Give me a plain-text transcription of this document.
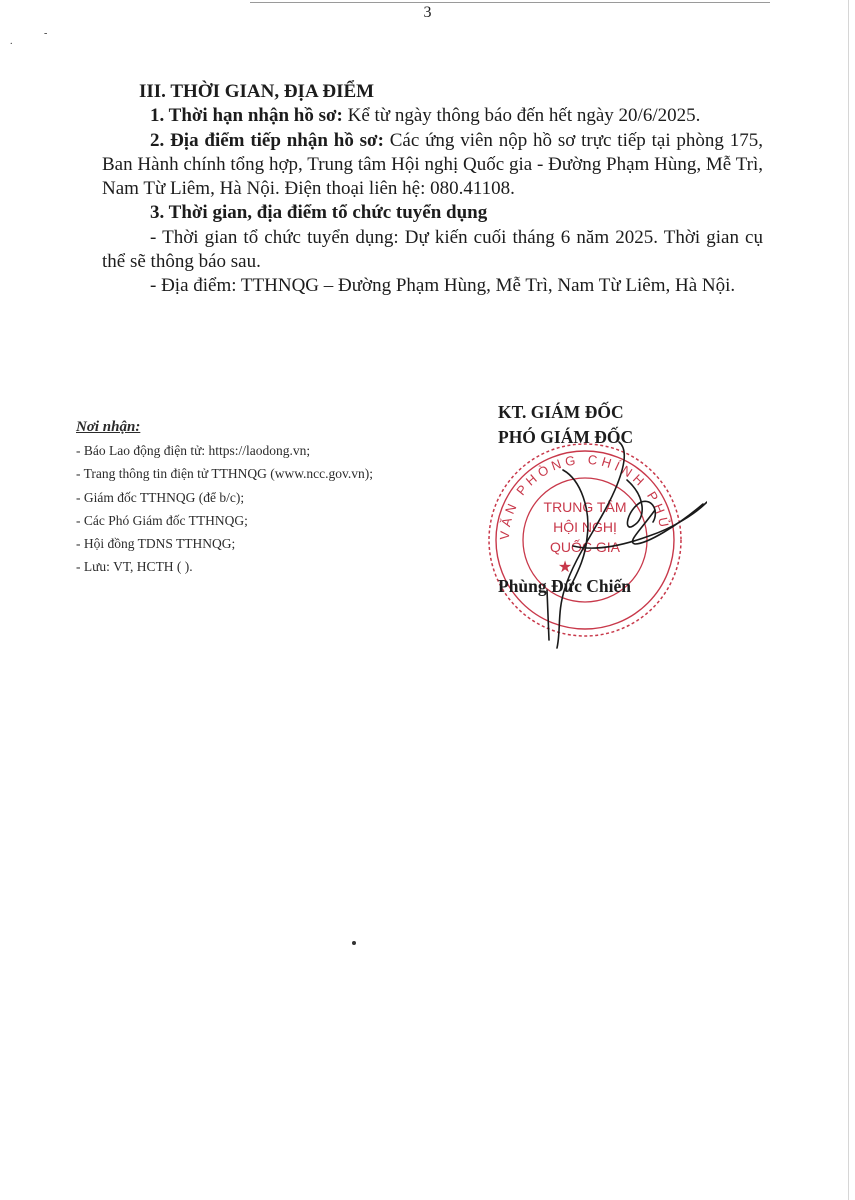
.
-
3

III. THỜI GIAN, ĐỊA ĐIỂM

1. Thời hạn nhận hồ sơ: Kể từ ngày thông báo đến hết ngày 20/6/2025.

2. Địa điểm tiếp nhận hồ sơ: Các ứng viên nộp hồ sơ trực tiếp tại phòng 175, Ban Hành chính tổng hợp, Trung tâm Hội nghị Quốc gia - Đường Phạm Hùng, Mễ Trì, Nam Từ Liêm, Hà Nội. Điện thoại liên hệ: 080.41108.

3. Thời gian, địa điểm tổ chức tuyển dụng

- Thời gian tổ chức tuyển dụng: Dự kiến cuối tháng 6 năm 2025. Thời gian cụ thể sẽ thông báo sau.

- Địa điểm: TTHNQG – Đường Phạm Hùng, Mễ Trì, Nam Từ Liêm, Hà Nội.

Nơi nhận:
- Báo Lao động điện tử: https://laodong.vn;
- Trang thông tin điện tử TTHNQG (www.ncc.gov.vn);
- Giám đốc TTHNQG (để b/c);
- Các Phó Giám đốc TTHNQG;
- Hội đồng TDNS TTHNQG;
- Lưu: VT, HCTH ( ).
KT. GIÁM ĐỐC
PHÓ GIÁM ĐỐC
VĂN PHÒNG CHÍNH PHỦ
TRUNG TÂM
HỘI NGHỊ
QUỐC GIA
★
Phùng Đức Chiến
